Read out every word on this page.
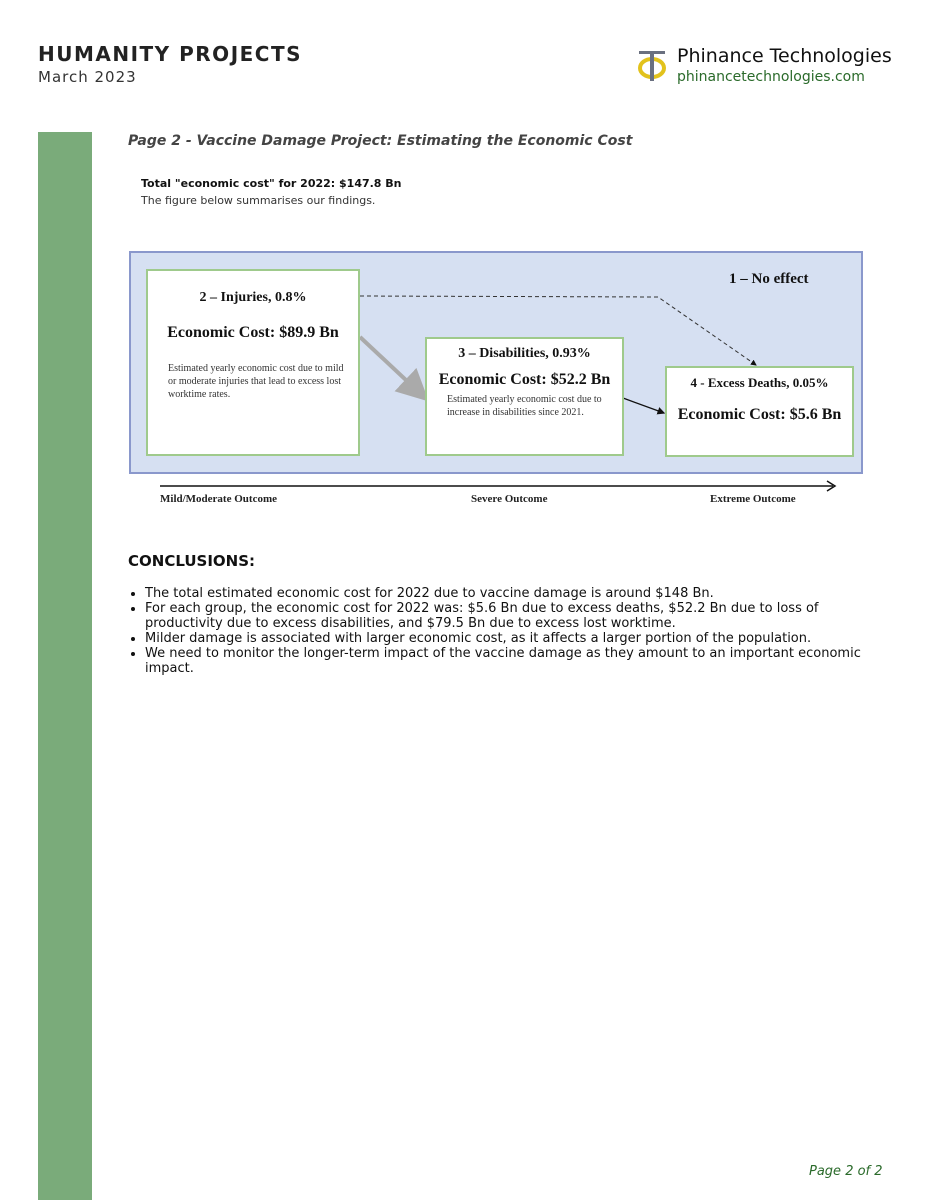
HUMANITY PROJECTS
March 2023
Phinance Technologies
phinancetechnologies.com
Page 2 - Vaccine Damage Project: Estimating the Economic Cost
Total "economic cost" for 2022: $147.8 Bn
The figure below summarises our findings.
1 – No effect
2 – Injuries, 0.8%
Economic Cost: $89.9 Bn
Estimated yearly economic cost due to mild or moderate injuries that lead to excess lost worktime rates.
3 – Disabilities, 0.93%
Economic Cost: $52.2 Bn
Estimated yearly economic cost due to increase in disabilities since 2021.
4 - Excess Deaths, 0.05%
Economic Cost: $5.6 Bn
Mild/Moderate Outcome	Severe Outcome	Extreme Outcome
CONCLUSIONS:
• The total estimated economic cost for 2022 due to vaccine damage is around $148 Bn.
• For each group, the economic cost for 2022 was: $5.6 Bn due to excess deaths, $52.2 Bn due to loss of productivity due to excess disabilities, and $79.5 Bn due to excess lost worktime.
• Milder damage is associated with larger economic cost, as it affects a larger portion of the population.
• We need to monitor the longer-term impact of the vaccine damage as they amount to an important economic impact.
Page 2 of 2
